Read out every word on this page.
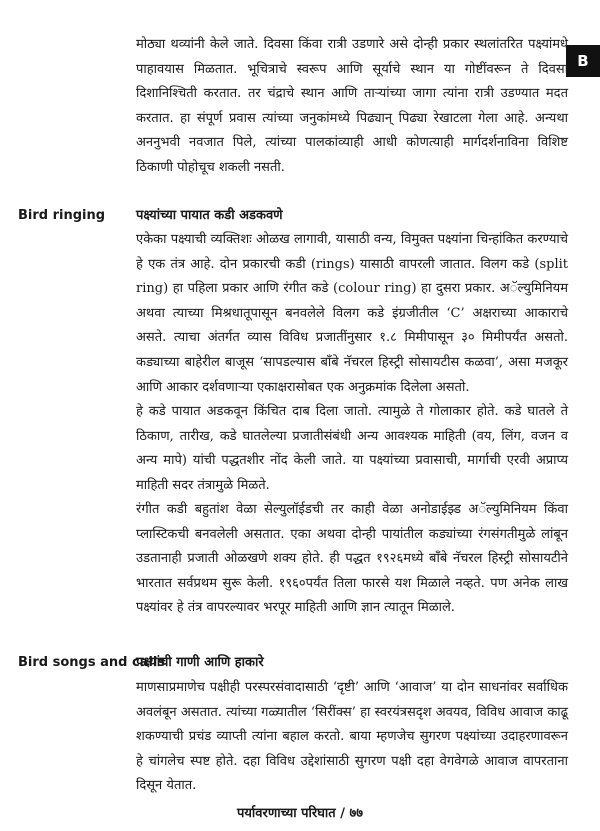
B

मोठ्या थव्यांनी केले जाते. दिवसा किंवा रात्री उडणारे असे दोन्ही प्रकार स्थलांतरित पक्ष्यांमधे पाहावयास मिळतात. भूचित्राचे स्वरूप आणि सूर्याचे स्थान या गोष्टींवरून ते दिवसा दिशानिश्चिती करतात. तर चंद्राचे स्थान आणि ताऱ्यांच्या जागा त्यांना रात्री उडण्यात मदत करतात. हा संपूर्ण प्रवास त्यांच्या जनुकांमध्ये पिढ्यान् पिढ्या रेखाटला गेला आहे. अन्यथा अननुभवी नवजात पिले, त्यांच्या पालकांव्याही आधी कोणत्याही मार्गदर्शनाविना विशिष्ट ठिकाणी पोहोचूच शकली नसती.

Bird ringing पक्ष्यांच्या पायात कडी अडकवणे

एकेका पक्ष्याची व्यक्तिशः ओळख लागावी, यासाठी वन्य, विमुक्त पक्ष्यांना चिन्हांकित करण्याचे हे एक तंत्र आहे. दोन प्रकारची कडी (rings) यासाठी वापरली जातात. विलग कडे (split ring) हा पहिला प्रकार आणि रंगीत कडे (colour ring) हा दुसरा प्रकार. अॅल्युमिनियम अथवा त्याच्या मिश्रधातूपासून बनवलेले विलग कडे इंग्रजीतील ‘C’ अक्षराच्या आकाराचे असते. त्याचा अंतर्गत व्यास विविध प्रजातींनुसार १.८ मिमीपासून ३० मिमीपर्यंत असतो. कड्याच्या बाहेरील बाजूस ‘सापडल्यास बॉंबे नॅचरल हिस्ट्री सोसायटीस कळवा’, असा मजकूर आणि आकार दर्शवणाऱ्या एकाक्षरासोबत एक अनुक्रमांक दिलेला असतो.

हे कडे पायात अडकवून किंचित दाब दिला जातो. त्यामुळे ते गोलाकार होते. कडे घातले ते ठिकाण, तारीख, कडे घातलेल्या प्रजातीसंबंधी अन्य आवश्यक माहिती (वय, लिंग, वजन व अन्य मापे) यांची पद्धतशीर नोंद केली जाते. या पक्ष्यांच्या प्रवासाची, मार्गाची एरवी अप्राप्य माहिती सदर तंत्रामुळे मिळते.

रंगीत कडी बहुतांश वेळा सेल्युलॉईडची तर काही वेळा अनोडाईझ्ड अॅल्युमिनियम किंवा प्लास्टिकची बनवलेली असतात. एका अथवा दोन्ही पायांतील कड्यांच्या रंगसंगतीमुळे लांबून उडतानाही प्रजाती ओळखणे शक्य होते. ही पद्धत १९२६मध्ये बॉंबे नॅचरल हिस्ट्री सोसायटीने भारतात सर्वप्रथम सुरू केली. १९६०पर्यंत तिला फारसे यश मिळाले नव्हते. पण अनेक लाख पक्ष्यांवर हे तंत्र वापरल्यावर भरपूर माहिती आणि ज्ञान त्यातून मिळाले.

Bird songs and calls

पक्ष्यांची गाणी आणि हाकारे

माणसाप्रमाणेच पक्षीही परस्परसंवादासाठी ‘दृष्टी’ आणि ‘आवाज’ या दोन साधनांवर सर्वाधिक अवलंबून असतात. त्यांच्या गळ्यातील ‘सिरींक्स’ हा स्वरयंत्रसदृश अवयव, विविध आवाज काढू शकण्याची प्रचंड व्याप्ती त्यांना बहाल करतो. बाया म्हणजेच सुगरण पक्ष्यांच्या उदाहरणावरून हे चांगलेच स्पष्ट होते. दहा विविध उद्देशांसाठी सुगरण पक्षी दहा वेगवेगळे आवाज वापरताना दिसून येतात.

पर्यावरणाच्या परिघात / ७७
